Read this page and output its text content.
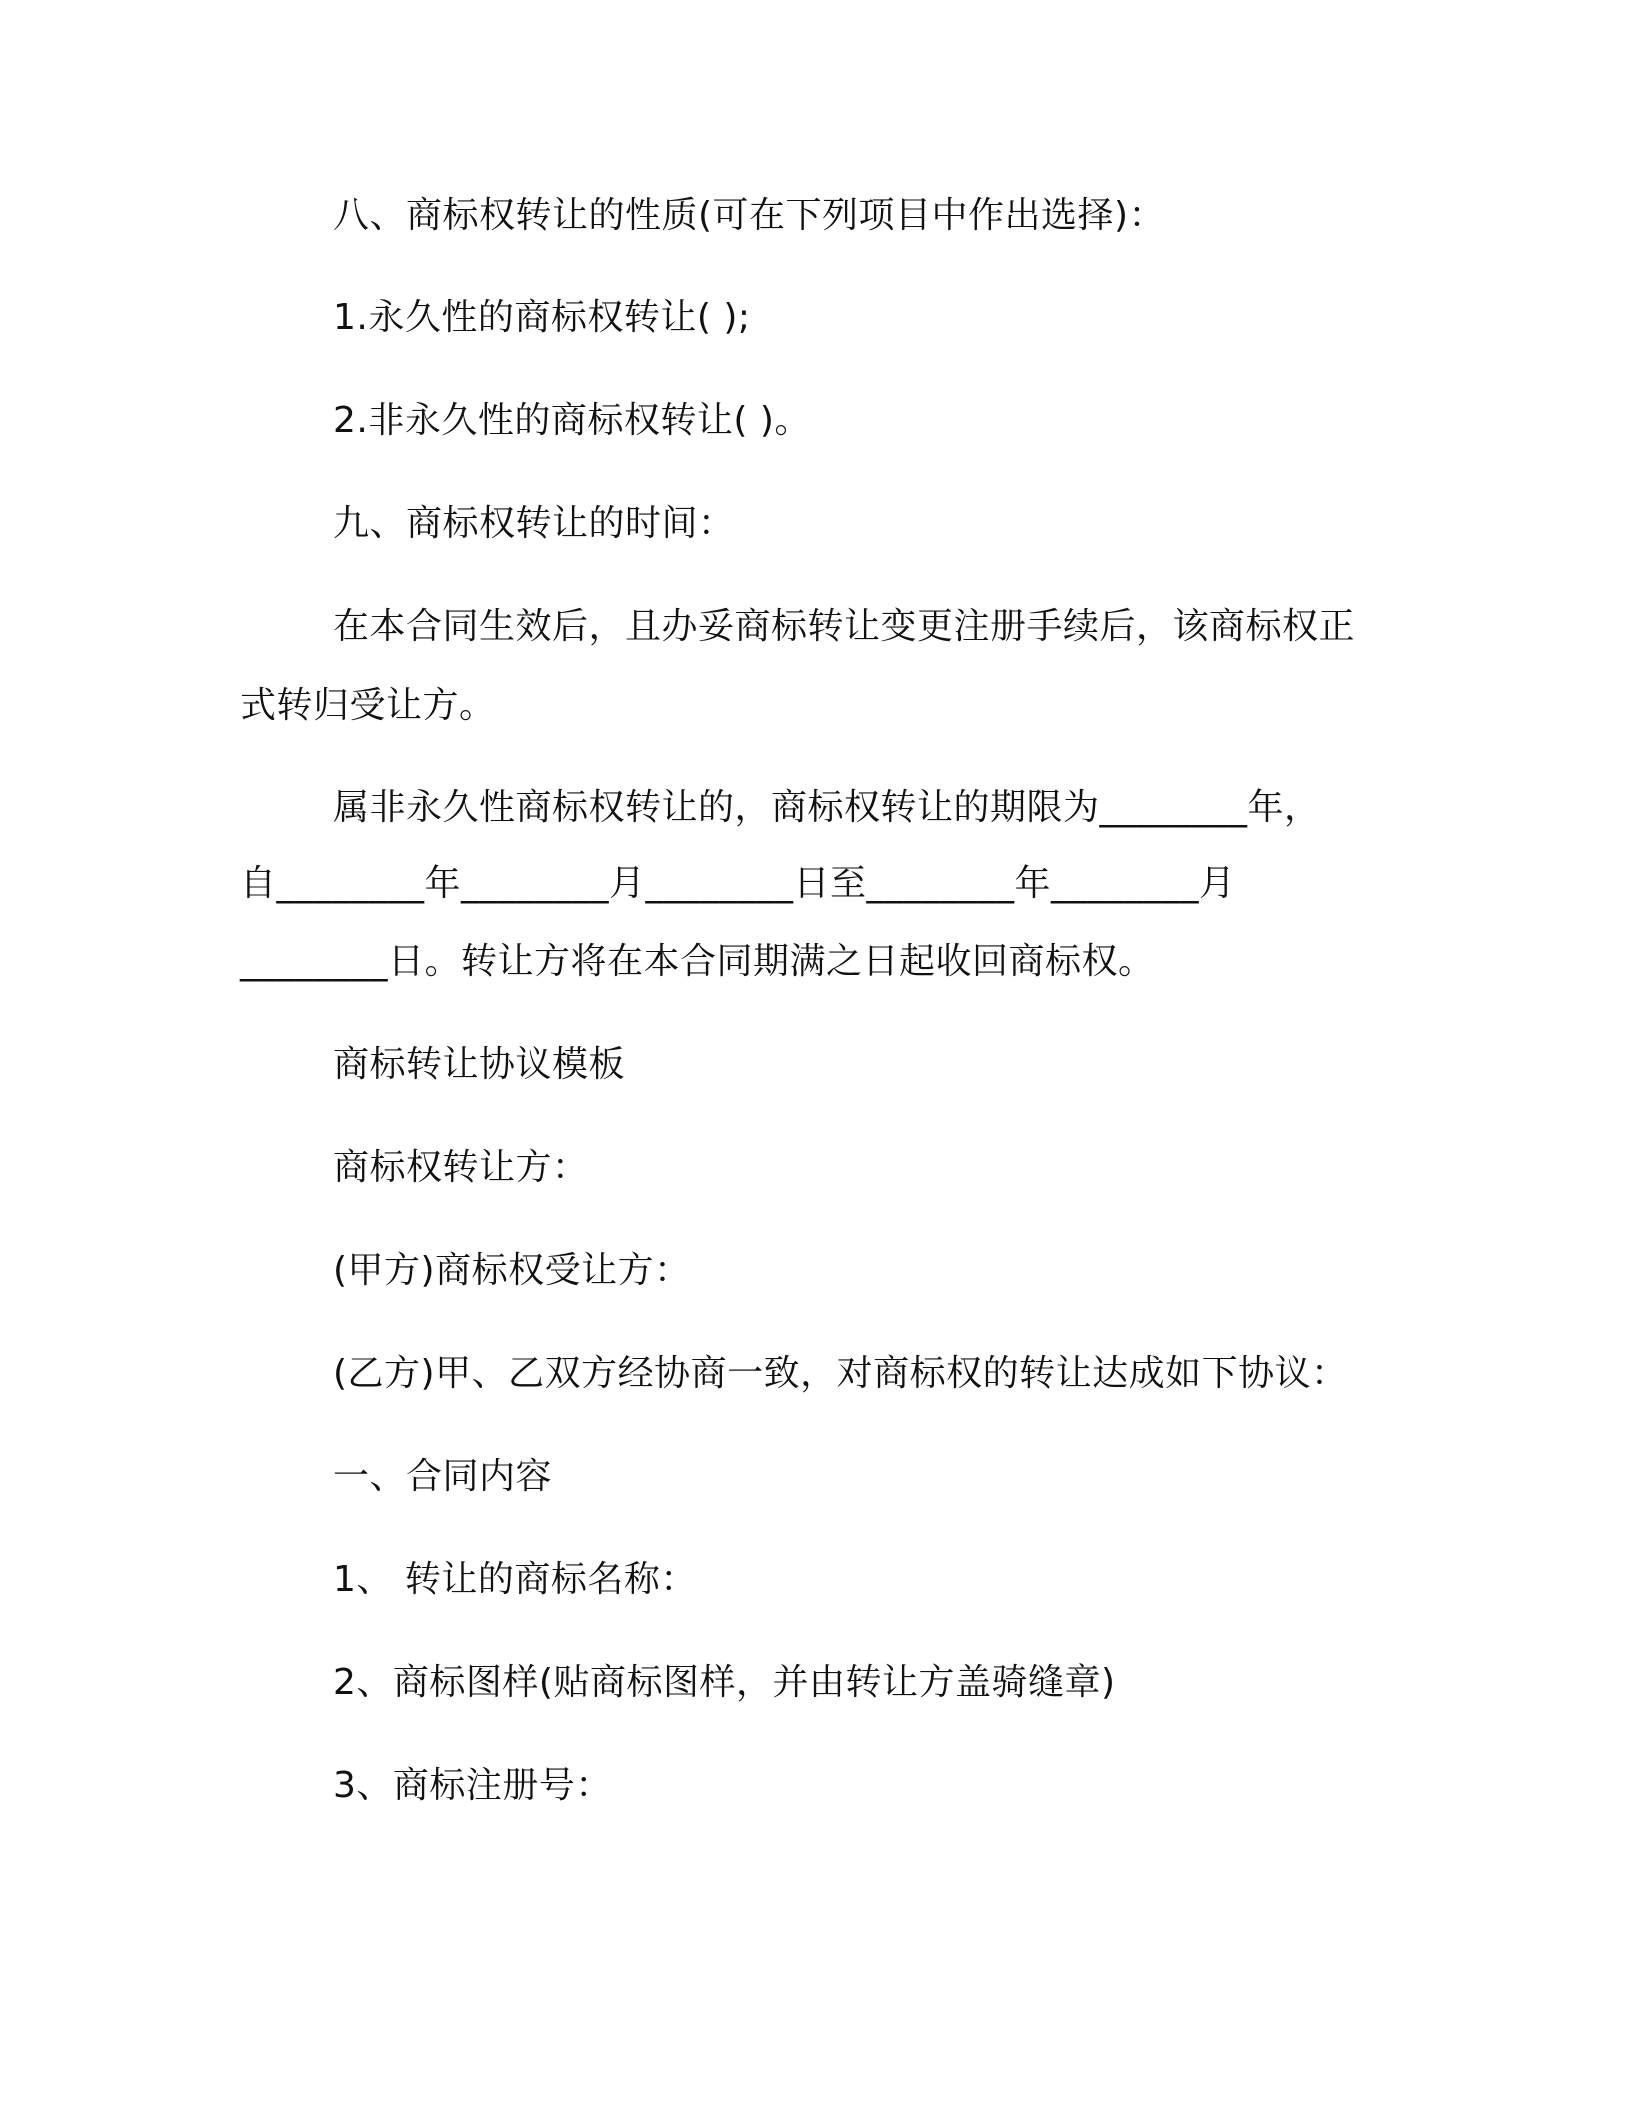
八、商标权转让的性质(可在下列项目中作出选择)：
1.永久性的商标权转让( );
2.非永久性的商标权转让( )。
九、商标权转让的时间：
在本合同生效后，且办妥商标转让变更注册手续后，该商标权正
式转归受让方。
属非永久性商标权转让的，商标权转让的期限为________年，
自________年________月________日至________年________月
________日。转让方将在本合同期满之日起收回商标权。
商标转让协议模板
商标权转让方：
(甲方)商标权受让方：
(乙方)甲、乙双方经协商一致，对商标权的转让达成如下协议：
一、合同内容
1、 转让的商标名称：
2、商标图样(贴商标图样，并由转让方盖骑缝章)
3、商标注册号：
